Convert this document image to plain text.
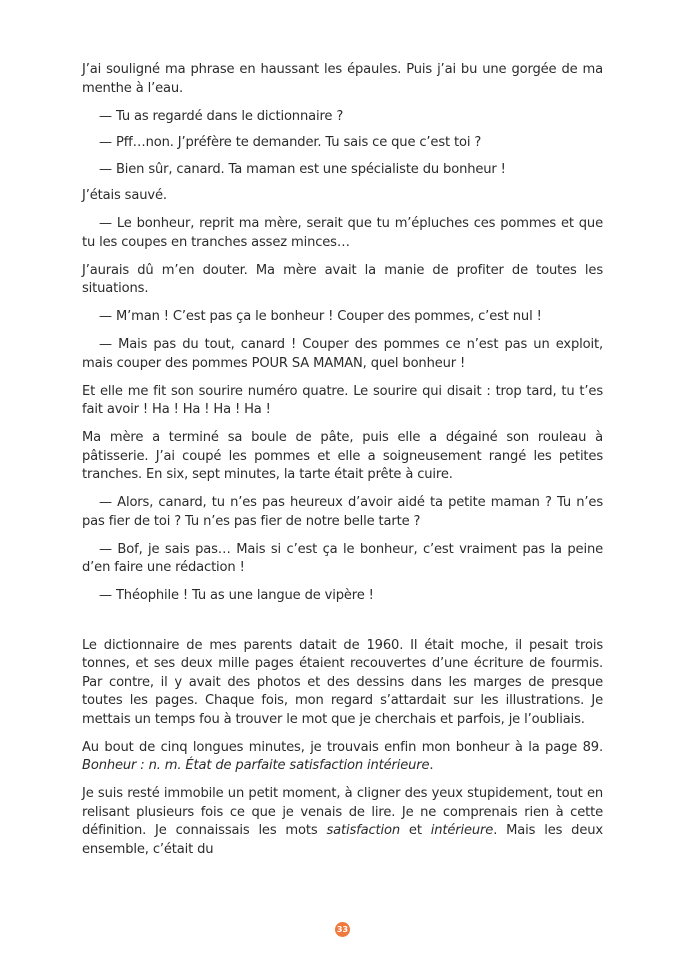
J’ai souligné ma phrase en haussant les épaules. Puis j’ai bu une gorgée de ma menthe à l’eau.

— Tu as regardé dans le dictionnaire ?

— Pff…non. J’préfère te demander. Tu sais ce que c’est toi ?

— Bien sûr, canard. Ta maman est une spécialiste du bonheur !

J’étais sauvé.

— Le bonheur, reprit ma mère, serait que tu m’épluches ces pommes et que tu les coupes en tranches assez minces…

J’aurais dû m’en douter. Ma mère avait la manie de profiter de toutes les situations.

— M’man ! C’est pas ça le bonheur ! Couper des pommes, c’est nul !

— Mais pas du tout, canard ! Couper des pommes ce n’est pas un exploit, mais couper des pommes POUR SA MAMAN, quel bonheur !

Et elle me fit son sourire numéro quatre. Le sourire qui disait : trop tard, tu t’es fait avoir ! Ha ! Ha ! Ha ! Ha !

Ma mère a terminé sa boule de pâte, puis elle a dégainé son rouleau à pâtisserie. J’ai coupé les pommes et elle a soigneusement rangé les petites tranches. En six, sept minutes, la tarte était prête à cuire.

— Alors, canard, tu n’es pas heureux d’avoir aidé ta petite maman ? Tu n’es pas fier de toi ? Tu n’es pas fier de notre belle tarte ?

— Bof, je sais pas… Mais si c’est ça le bonheur, c’est vraiment pas la peine d’en faire une rédaction !

— Théophile ! Tu as une langue de vipère !

Le dictionnaire de mes parents datait de 1960. Il était moche, il pesait trois tonnes, et ses deux mille pages étaient recouvertes d’une écriture de fourmis. Par contre, il y avait des photos et des dessins dans les marges de presque toutes les pages. Chaque fois, mon regard s’attardait sur les illustrations. Je mettais un temps fou à trouver le mot que je cherchais et parfois, je l’oubliais.

Au bout de cinq longues minutes, je trouvais enfin mon bonheur à la page 89. Bonheur : n. m. État de parfaite satisfaction intérieure.

Je suis resté immobile un petit moment, à cligner des yeux stupidement, tout en relisant plusieurs fois ce que je venais de lire. Je ne comprenais rien à cette définition. Je connaissais les mots satisfaction et intérieure. Mais les deux ensemble, c’était du

33
